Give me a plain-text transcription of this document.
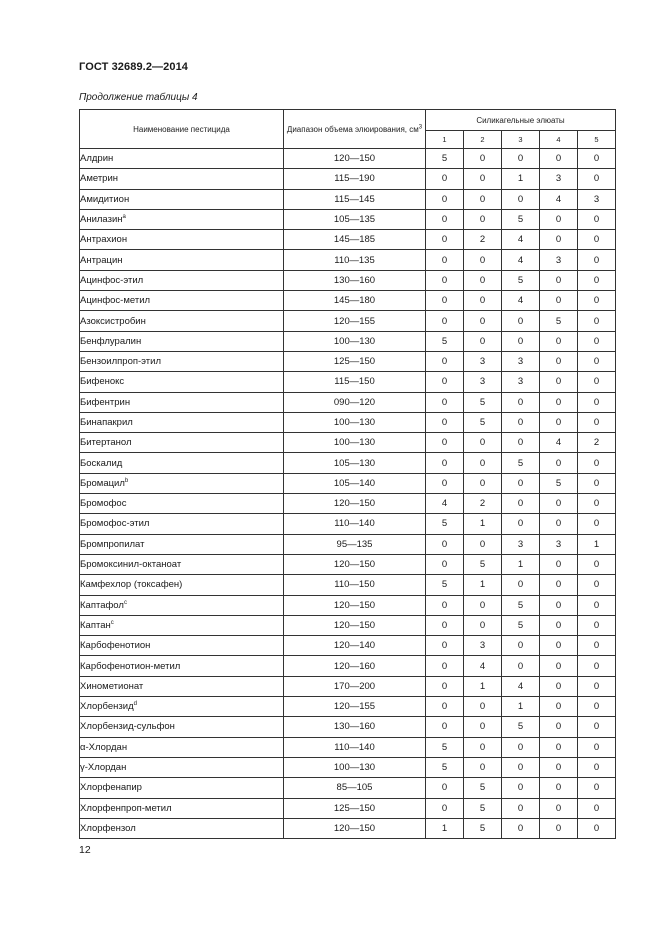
ГОСТ 32689.2—2014
Продолжение таблицы 4
Наименование пестицида	Диапазон объема элюирования, $см^3$	Силикагельные элюаты				
		1	2	3	4	5
Алдрин	120—150	5	0	0	0	0
Аметрин	115—190	0	0	1	3	0
Амидитион	115—145	0	0	0	4	3
Анилазин$^a$	105—135	0	0	5	0	0
Антрахион	145—185	0	2	4	0	0
Антрацин	110—135	0	0	4	3	0
Ацинфос-этил	130—160	0	0	5	0	0
Ацинфос-метил	145—180	0	0	4	0	0
Азоксистробин	120—155	0	0	0	5	0
Бенфлуралин	100—130	5	0	0	0	0
Бензоилпроп-этил	125—150	0	3	3	0	0
Бифенокс	115—150	0	3	3	0	0
Бифентрин	090—120	0	5	0	0	0
Бинапакрил	100—130	0	5	0	0	0
Битертанол	100—130	0	0	0	4	2
Боскалид	105—130	0	0	5	0	0
Бромацил$^b$	105—140	0	0	0	5	0
Бромофос	120—150	4	2	0	0	0
Бромофос-этил	110—140	5	1	0	0	0
Бромпропилат	95—135	0	0	3	3	1
Бромоксинил-октаноат	120—150	0	5	1	0	0
Камфехлор (токсафен)	110—150	5	1	0	0	0
Каптафол$^c$	120—150	0	0	5	0	0
Каптан$^c$	120—150	0	0	5	0	0
Карбофенотион	120—140	0	3	0	0	0
Карбофенотион-метил	120—160	0	4	0	0	0
Хинометионат	170—200	0	1	4	0	0
Хлорбензид$^d$	120—155	0	0	1	0	0
Хлорбензид-сульфон	130—160	0	0	5	0	0
α-Хлордан	110—140	5	0	0	0	0
γ-Хлордан	100—130	5	0	0	0	0
Хлорфенапир	85—105	0	5	0	0	0
Хлорфенпроп-метил	125—150	0	5	0	0	0
Хлорфензол	120—150	1	5	0	0	0
12
